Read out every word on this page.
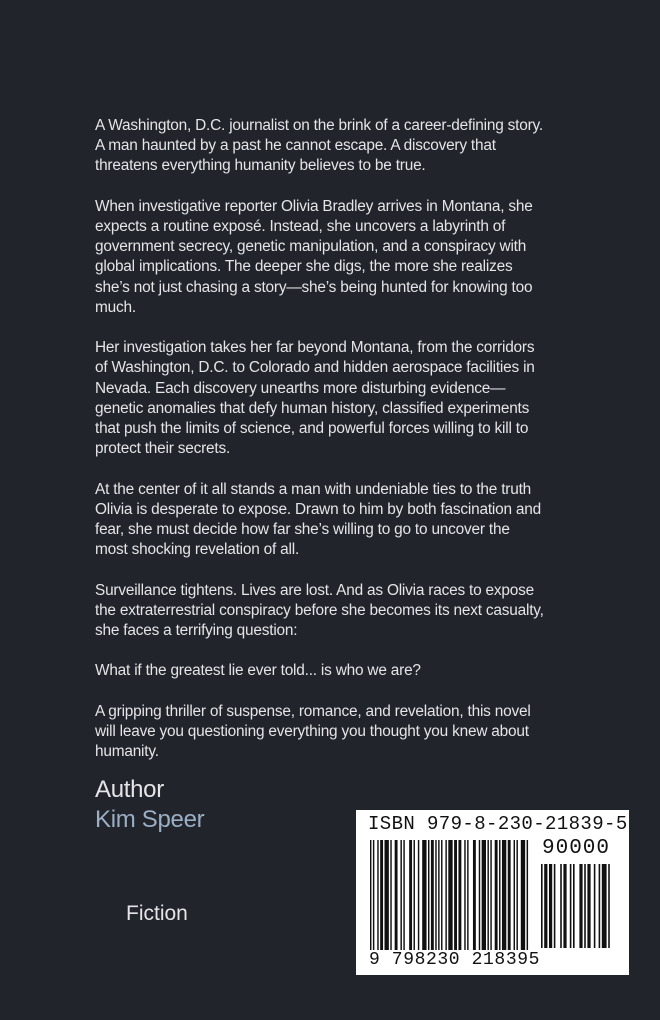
A Washington, D.C. journalist on the brink of a career-defining story. A man haunted by a past he cannot escape. A discovery that threatens everything humanity believes to be true.

When investigative reporter Olivia Bradley arrives in Montana, she expects a routine exposé. Instead, she uncovers a labyrinth of government secrecy, genetic manipulation, and a conspiracy with global implications. The deeper she digs, the more she realizes she’s not just chasing a story—she’s being hunted for knowing too much.

Her investigation takes her far beyond Montana, from the corridors of Washington, D.C. to Colorado and hidden aerospace facilities in Nevada. Each discovery unearths more disturbing evidence—genetic anomalies that defy human history, classified experiments that push the limits of science, and powerful forces willing to kill to protect their secrets.

At the center of it all stands a man with undeniable ties to the truth Olivia is desperate to expose. Drawn to him by both fascination and fear, she must decide how far she’s willing to go to uncover the most shocking revelation of all.

Surveillance tightens. Lives are lost. And as Olivia races to expose the extraterrestrial conspiracy before she becomes its next casualty, she faces a terrifying question:

What if the greatest lie ever told... is who we are?

A gripping thriller of suspense, romance, and revelation, this novel will leave you questioning everything you thought you knew about humanity.

Author
Kim Speer
Fiction
ISBN 979-8-230-21839-5
90000
9 798230 218395
